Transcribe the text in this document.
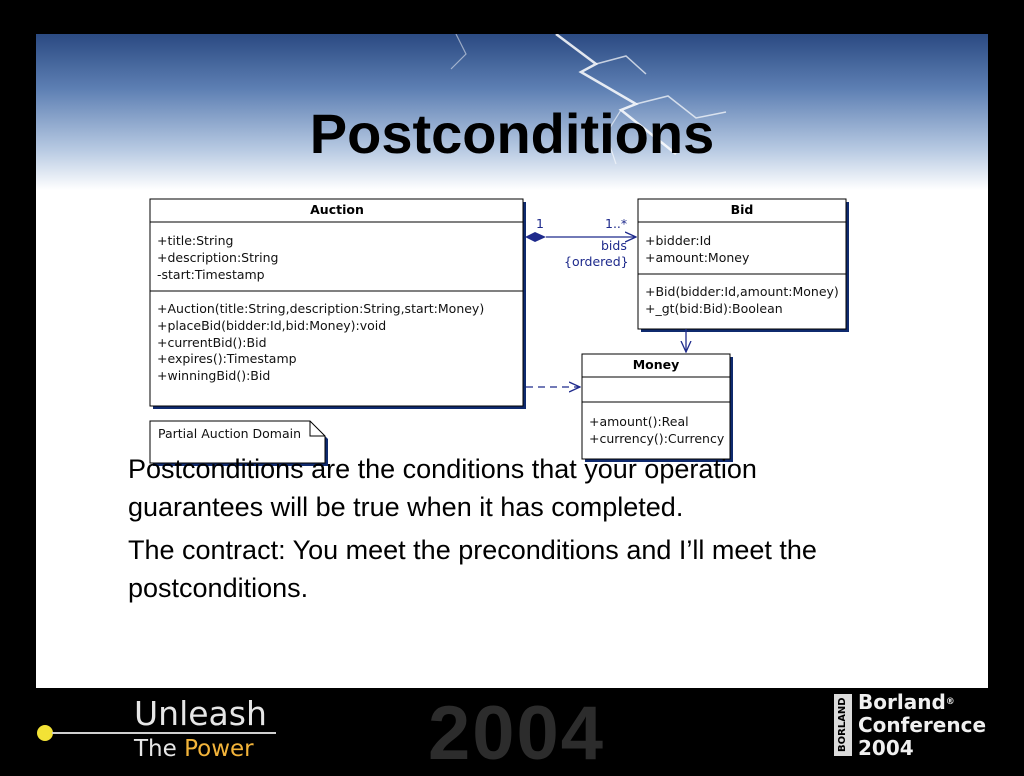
Postconditions
Auction
+title:String
+description:String
-start:Timestamp
+Auction(title:String,description:String,start:Money)
+placeBid(bidder:Id,bid:Money):void
+currentBid():Bid
+expires():Timestamp
+winningBid():Bid
Bid
+bidder:Id
+amount:Money
+Bid(bidder:Id,amount:Money)
+_gt(bid:Bid):Boolean
Money
+amount():Real
+currency():Currency
1	1..*
bids
{ordered}
Partial Auction Domain

Postconditions are the conditions that your operation guarantees will be true when it has completed.

The contract: You meet the preconditions and I’ll meet the postconditions.

2004
Unleash
The Power	BORLAND Borland®
Conference
2004
